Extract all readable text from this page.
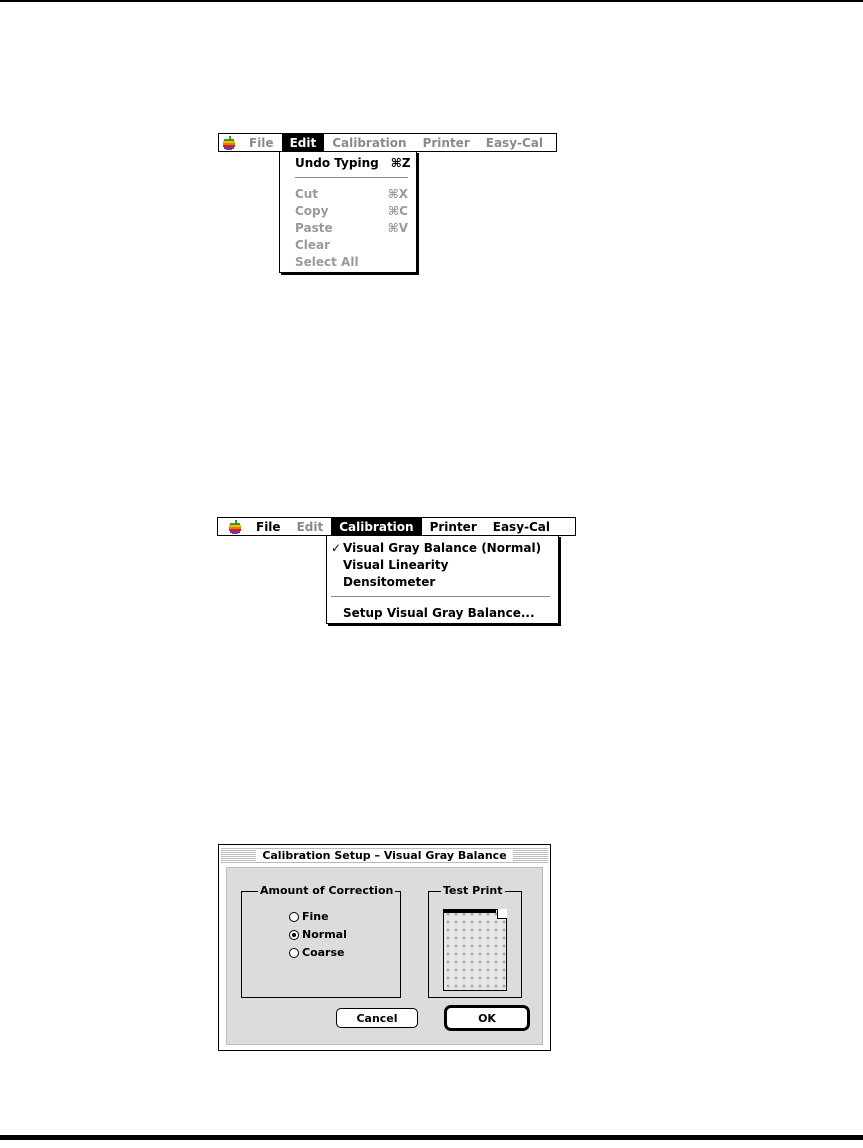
File	Edit	Calibration	Printer	Easy-Cal
Undo Typing	⌘Z
Cut	⌘X
Copy	⌘C
Paste	⌘V
Clear
Select All
File	Edit	Calibration	Printer	Easy-Cal
✓ Visual Gray Balance (Normal)
Visual Linearity
Densitometer
Setup Visual Gray Balance...
Calibration Setup – Visual Gray Balance
Amount of Correction
Fine
Normal
Coarse
Test Print
Cancel	OK
